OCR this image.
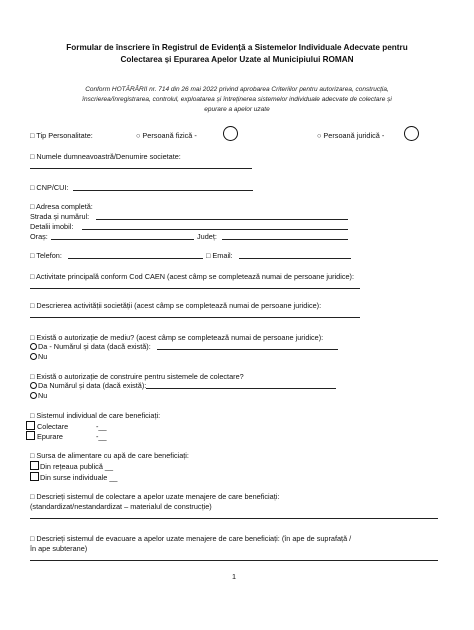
Formular de înscriere în Registrul de Evidență a Sistemelor Individuale Adecvate pentru
Colectarea și Epurarea Apelor Uzate al Municipiului ROMAN
Conform HOTĂRÂRII nr. 714 din 26 mai 2022 privind aprobarea Criteriilor pentru autorizarea, construcția,
înscrierea/înregistrarea, controlul, exploatarea și întreținerea sistemelor individuale adecvate de colectare și
epurare a apelor uzate
□ Tip Personalitate:	○ Persoană fizică -	○ Persoană juridică -
□ Numele dumneavoastră/Denumire societate:
□ CNP/CUI:
□ Adresa completă:
Strada și numărul:
Detalii imobil:
Oraș:	Județ:
□ Telefon:	□ Email:
□ Activitate principală conform Cod CAEN (acest câmp se completează numai de persoane juridice):
□ Descrierea activității societății (acest câmp se completează numai de persoane juridice):
□ Există o autorizație de mediu? (acest câmp se completează numai de persoane juridice):
Da - Numărul și data (dacă există):
Nu
□ Există o autorizație de construire pentru sistemele de colectare?
Da Numărul și data (dacă există):
Nu
□ Sistemul individual de care beneficiați:
Colectare	-__
Epurare	-__
□ Sursa de alimentare cu apă de care beneficiați:
Din rețeaua publică __
Din surse individuale __
□ Descrieți sistemul de colectare a apelor uzate menajere de care beneficiați:
(standardizat/nestandardizat – materialul de construcție)
□ Descrieți sistemul de evacuare a apelor uzate menajere de care beneficiați: (în ape de suprafață /
în ape subterane)
1
